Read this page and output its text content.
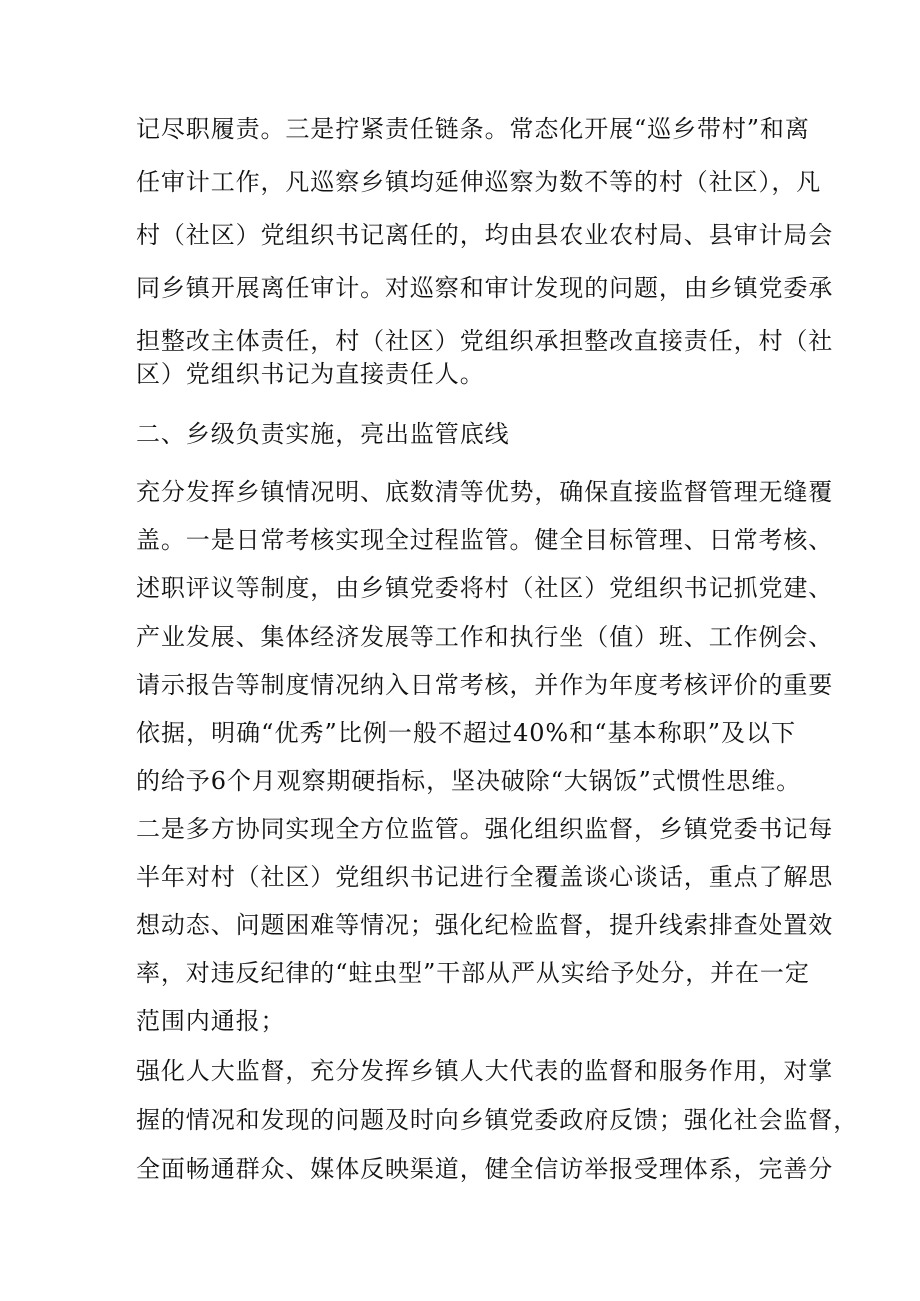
记尽职履责。三是拧紧责任链条。常态化开展“巡乡带村”和离
任审计工作，凡巡察乡镇均延伸巡察为数不等的村（社区），凡
村（社区）党组织书记离任的，均由县农业农村局、县审计局会
同乡镇开展离任审计。对巡察和审计发现的问题，由乡镇党委承
担整改主体责任，村（社区）党组织承担整改直接责任，村（社
区）党组织书记为直接责任人。
二、乡级负责实施，亮出监管底线
充分发挥乡镇情况明、底数清等优势，确保直接监督管理无缝覆
盖。一是日常考核实现全过程监管。健全目标管理、日常考核、
述职评议等制度，由乡镇党委将村（社区）党组织书记抓党建、
产业发展、集体经济发展等工作和执行坐（值）班、工作例会、
请示报告等制度情况纳入日常考核，并作为年度考核评价的重要
依据，明确“优秀”比例一般不超过40%和“基本称职”及以下
的给予6个月观察期硬指标，坚决破除“大锅饭”式惯性思维。
二是多方协同实现全方位监管。强化组织监督，乡镇党委书记每
半年对村（社区）党组织书记进行全覆盖谈心谈话，重点了解思
想动态、问题困难等情况；强化纪检监督，提升线索排查处置效
率，对违反纪律的“蛀虫型”干部从严从实给予处分，并在一定
范围内通报；
强化人大监督，充分发挥乡镇人大代表的监督和服务作用，对掌
握的情况和发现的问题及时向乡镇党委政府反馈；强化社会监督，
全面畅通群众、媒体反映渠道，健全信访举报受理体系，完善分
